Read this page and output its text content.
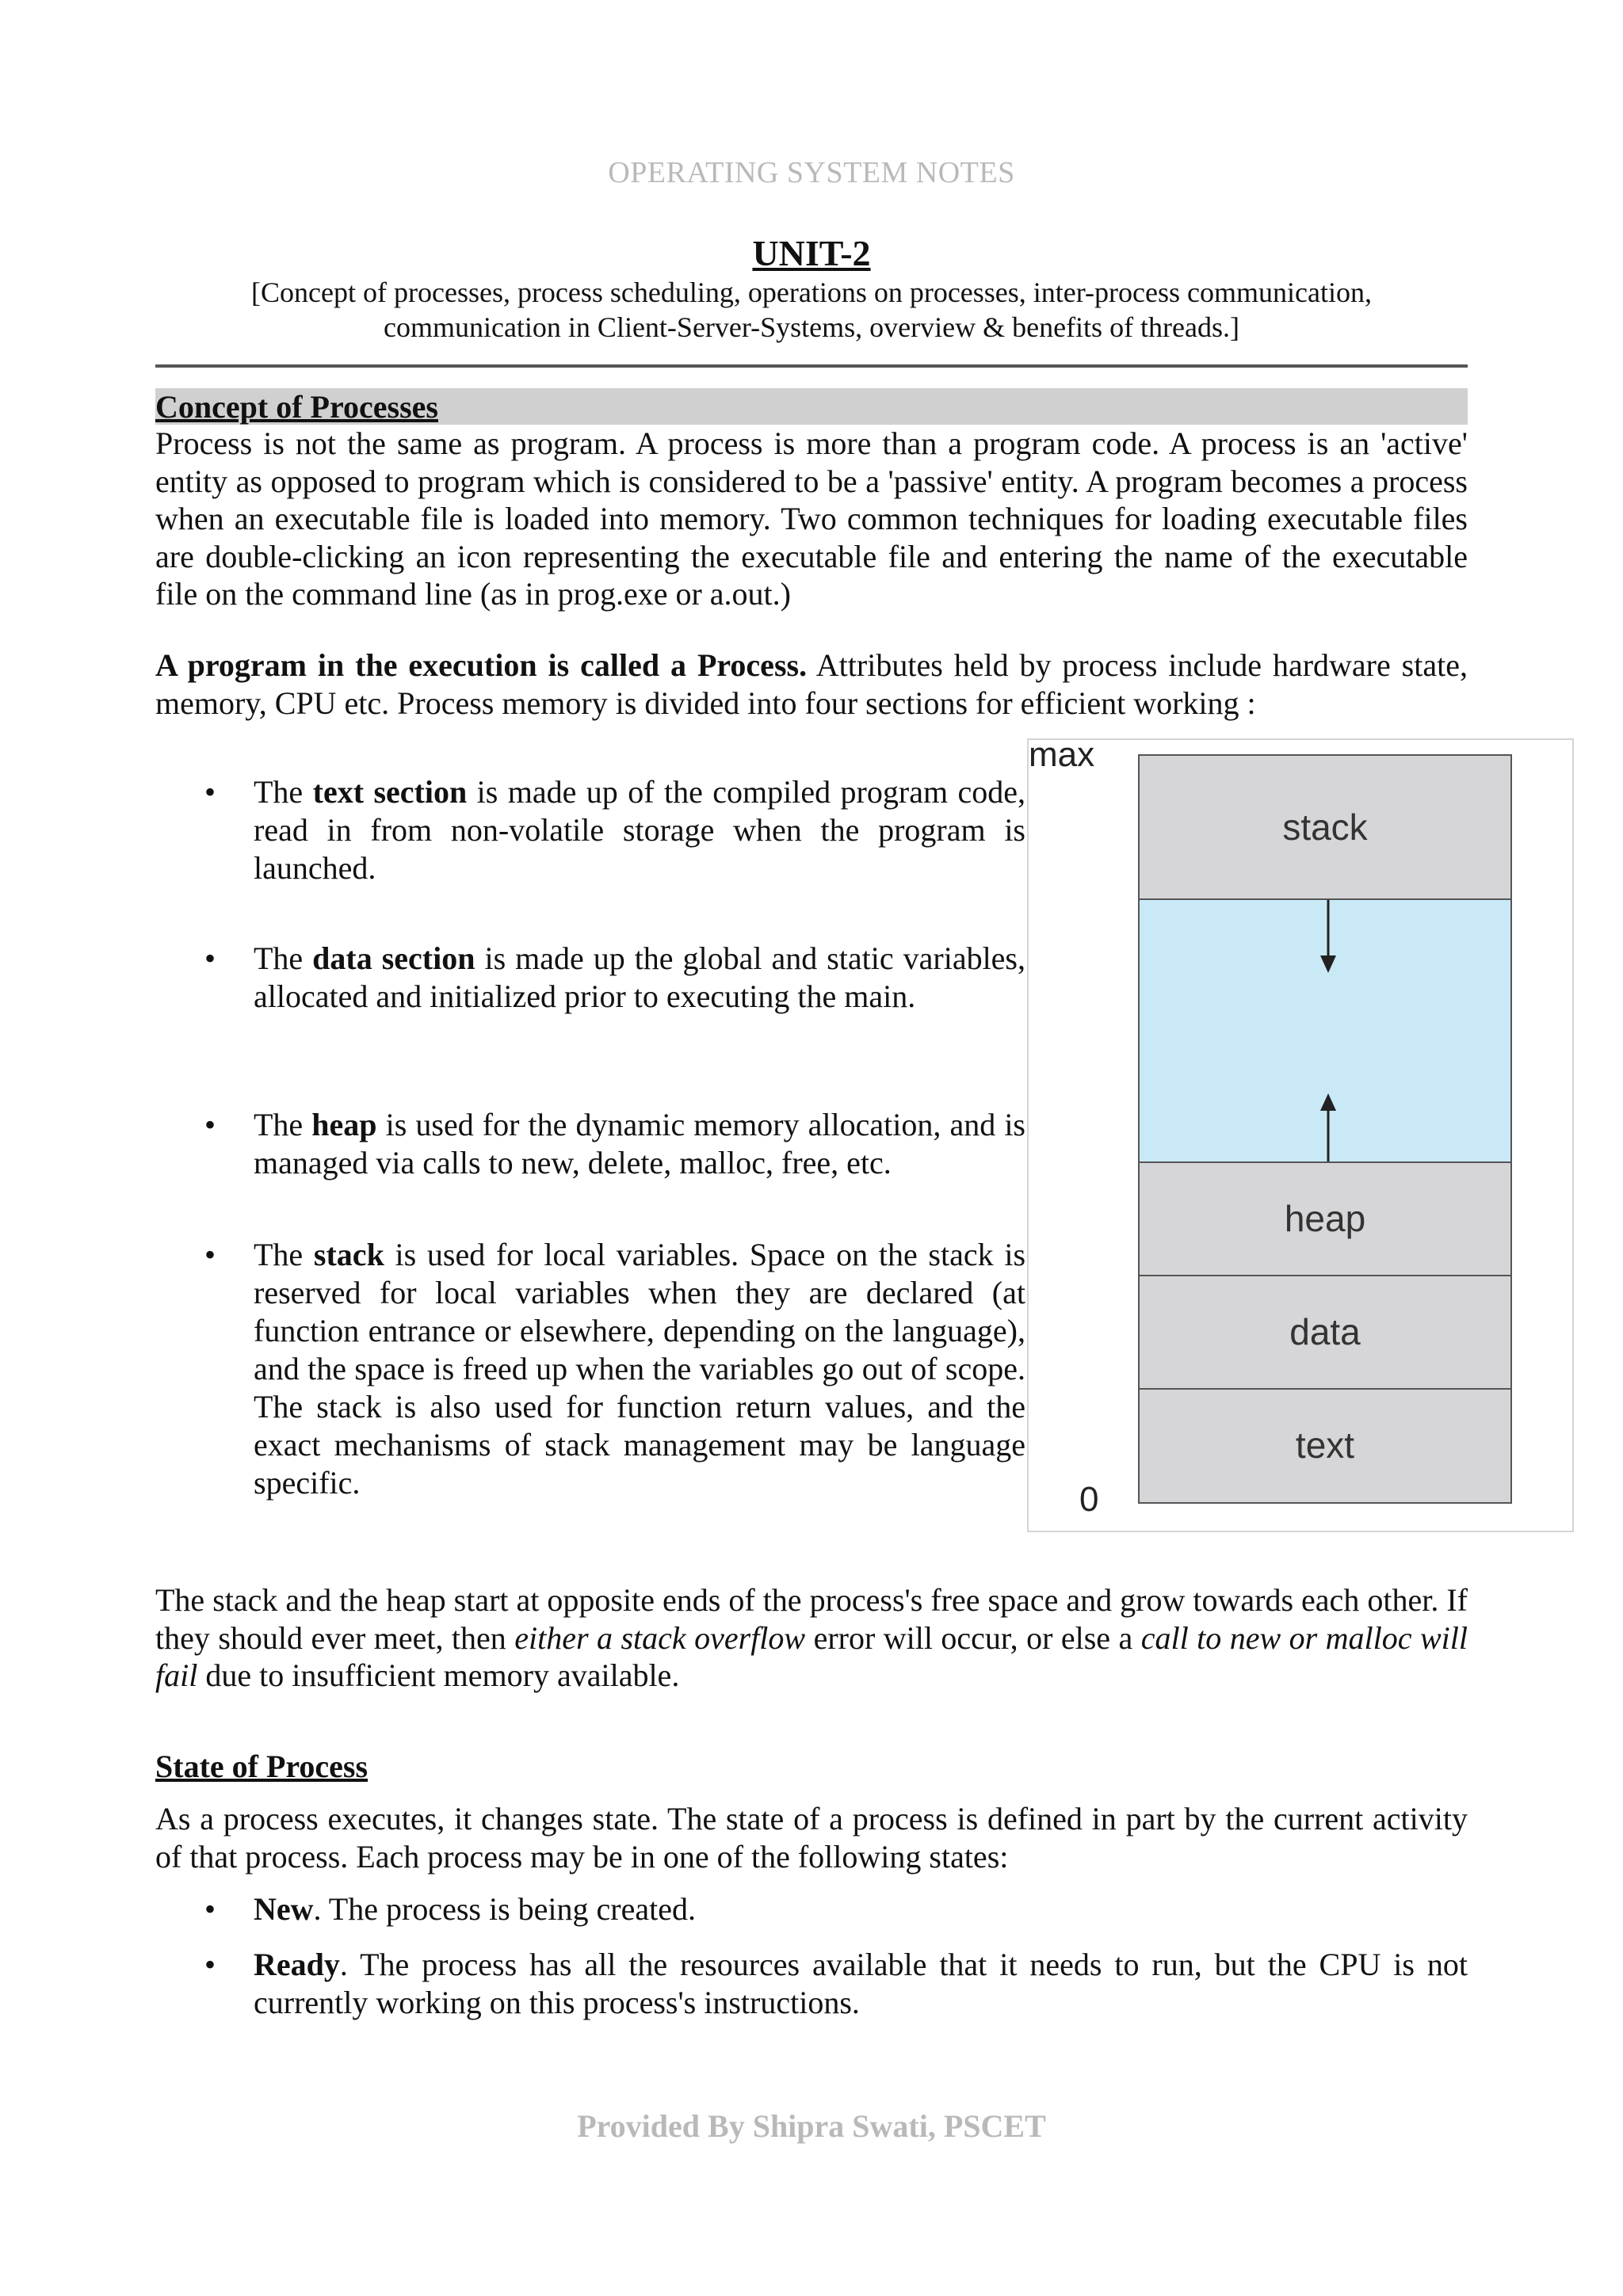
OPERATING SYSTEM NOTES
UNIT-2
[Concept of processes, process scheduling, operations on processes, inter-process communication, communication in Client-Server-Systems, overview & benefits of threads.]
Concept of Processes

Process is not the same as program. A process is more than a program code. A process is an 'active' entity as opposed to program which is considered to be a 'passive' entity. A program becomes a process when an executable file is loaded into memory. Two common techniques for loading executable files are double-clicking an icon representing the executable file and entering the name of the executable file on the command line (as in prog.exe or a.out.)

A program in the execution is called a Process. Attributes held by process include hardware state, memory, CPU etc. Process memory is divided into four sections for efficient working :

• The text section is made up of the compiled program code, read in from non-volatile storage when the program is launched.
• The data section is made up the global and static variables, allocated and initialized prior to executing the main.
• The heap is used for the dynamic memory allocation, and is managed via calls to new, delete, malloc, free, etc.
• The stack is used for local variables. Space on the stack is reserved for local variables when they are declared (at function entrance or elsewhere, depending on the language), and the space is freed up when the variables go out of scope. The stack is also used for function return values, and the exact mechanisms of stack management may be language specific.
max
0
stack
heap
data
text

The stack and the heap start at opposite ends of the process's free space and grow towards each other. If they should ever meet, then either a stack overflow error will occur, or else a call to new or malloc will fail due to insufficient memory available.

State of Process

As a process executes, it changes state. The state of a process is defined in part by the current activity of that process. Each process may be in one of the following states:

• New. The process is being created.
• Ready. The process has all the resources available that it needs to run, but the CPU is not currently working on this process's instructions.
Provided By Shipra Swati, PSCET
